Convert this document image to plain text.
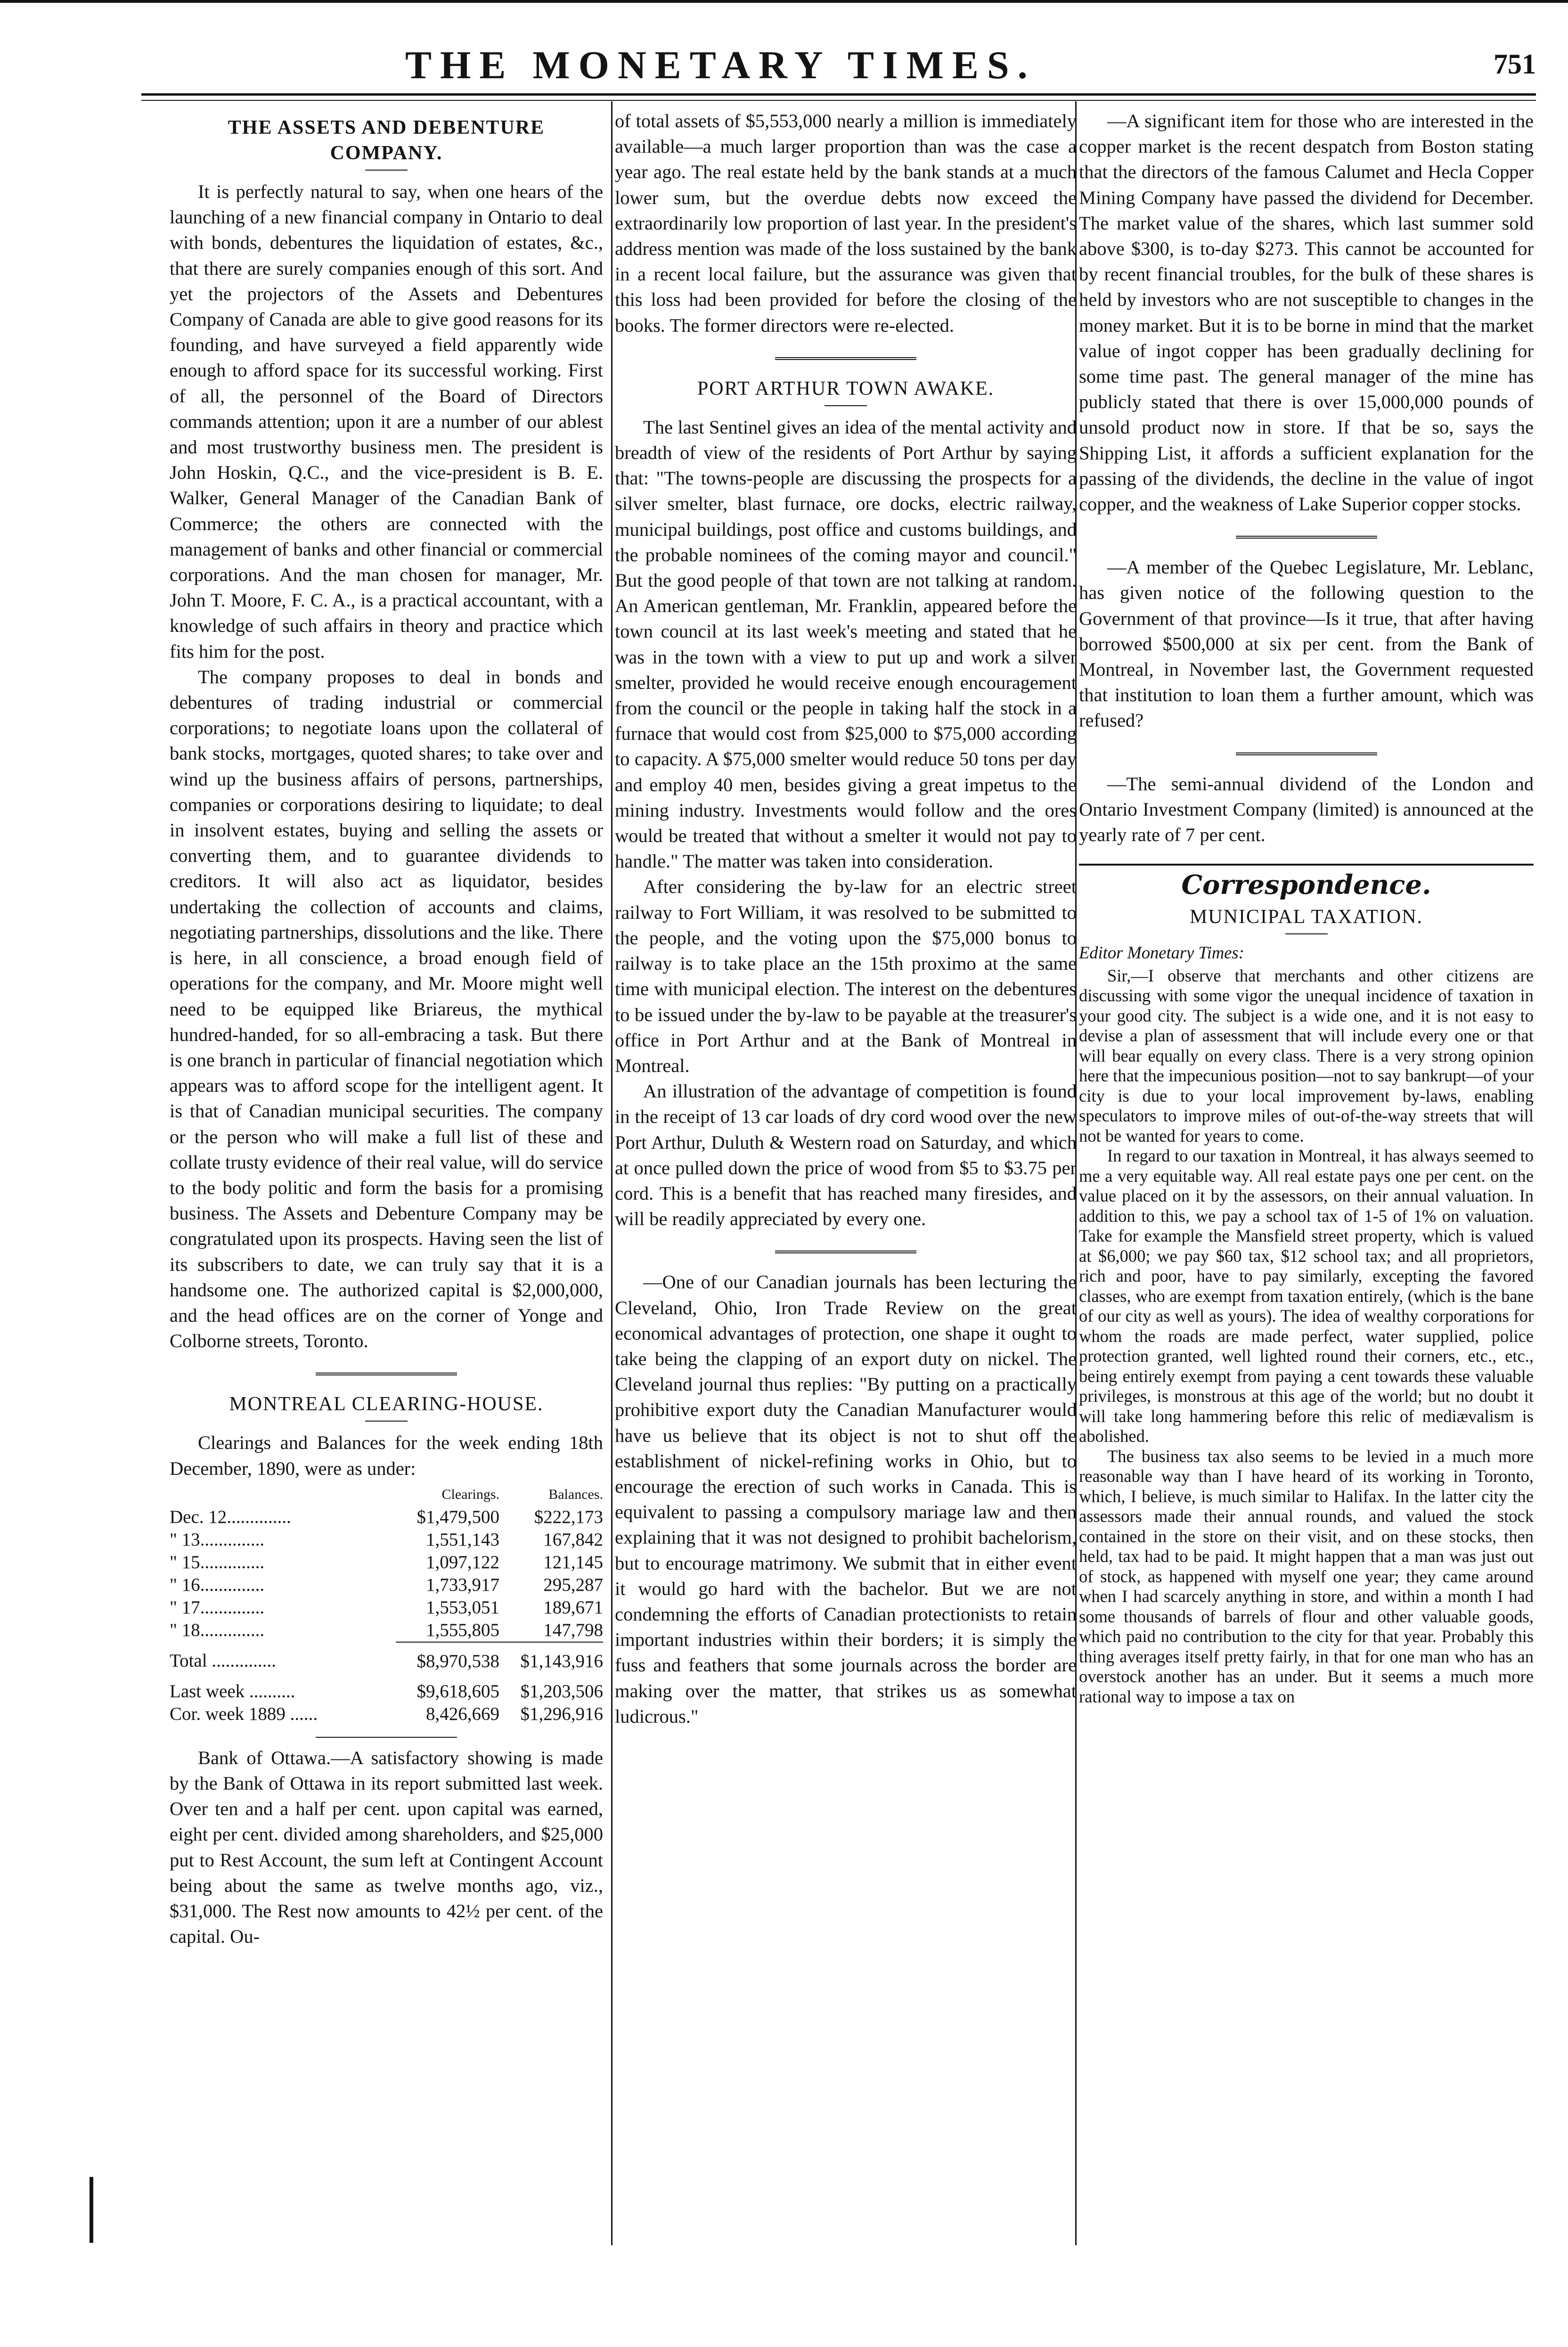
THE MONETARY TIMES.	751
THE ASSETS AND DEBENTURE COMPANY.

It is perfectly natural to say, when one hears of the launching of a new financial company in Ontario to deal with bonds, debentures the liquidation of estates, &c., that there are surely companies enough of this sort. And yet the projectors of the Assets and Debentures Company of Canada are able to give good reasons for its founding, and have surveyed a field apparently wide enough to afford space for its successful working. First of all, the personnel of the Board of Directors commands attention; upon it are a number of our ablest and most trustworthy business men. The president is John Hoskin, Q.C., and the vice-president is B. E. Walker, General Manager of the Canadian Bank of Commerce; the others are connected with the management of banks and other financial or commercial corporations. And the man chosen for manager, Mr. John T. Moore, F. C. A., is a practical accountant, with a knowledge of such affairs in theory and practice which fits him for the post.

The company proposes to deal in bonds and debentures of trading industrial or commercial corporations; to negotiate loans upon the collateral of bank stocks, mortgages, quoted shares; to take over and wind up the business affairs of persons, partnerships, companies or corporations desiring to liquidate; to deal in insolvent estates, buying and selling the assets or converting them, and to guarantee dividends to creditors. It will also act as liquidator, besides undertaking the collection of accounts and claims, negotiating partnerships, dissolutions and the like. There is here, in all conscience, a broad enough field of operations for the company, and Mr. Moore might well need to be equipped like Briareus, the mythical hundred-handed, for so all-embracing a task. But there is one branch in particular of financial negotiation which appears was to afford scope for the intelligent agent. It is that of Canadian municipal securities. The company or the person who will make a full list of these and collate trusty evidence of their real value, will do service to the body politic and form the basis for a promising business. The Assets and Debenture Company may be congratulated upon its prospects. Having seen the list of its subscribers to date, we can truly say that it is a handsome one. The authorized capital is $2,000,000, and the head offices are on the corner of Yonge and Colborne streets, Toronto.

MONTREAL CLEARING-HOUSE.

Clearings and Balances for the week ending 18th December, 1890, were as under:

	Clearings.	Balances.
Dec. 12..............	$1,479,500	$222,173
" 13..............	1,551,143	167,842
" 15..............	1,097,122	121,145
" 16..............	1,733,917	295,287
" 17..............	1,553,051	189,671
" 18..............	1,555,805	147,798
Total ..............	$8,970,538	$1,143,916
Last week ..........	$9,618,605	$1,203,506
Cor. week 1889 ......	8,426,669	$1,296,916

Bank of Ottawa.—A satisfactory showing is made by the Bank of Ottawa in its report submitted last week. Over ten and a half per cent. upon capital was earned, eight per cent. divided among shareholders, and $25,000 put to Rest Account, the sum left at Contingent Account being about the same as twelve months ago, viz., $31,000. The Rest now amounts to 42½ per cent. of the capital. Ou-

of total assets of $5,553,000 nearly a million is immediately available—a much larger proportion than was the case a year ago. The real estate held by the bank stands at a much lower sum, but the overdue debts now exceed the extraordinarily low proportion of last year. In the president's address mention was made of the loss sustained by the bank in a recent local failure, but the assurance was given that this loss had been provided for before the closing of the books. The former directors were re-elected.

PORT ARTHUR TOWN AWAKE.

The last Sentinel gives an idea of the mental activity and breadth of view of the residents of Port Arthur by saying that: "The towns-people are discussing the prospects for a silver smelter, blast furnace, ore docks, electric railway, municipal buildings, post office and customs buildings, and the probable nominees of the coming mayor and council." But the good people of that town are not talking at random. An American gentleman, Mr. Franklin, appeared before the town council at its last week's meeting and stated that he was in the town with a view to put up and work a silver smelter, provided he would receive enough encouragement from the council or the people in taking half the stock in a furnace that would cost from $25,000 to $75,000 according to capacity. A $75,000 smelter would reduce 50 tons per day and employ 40 men, besides giving a great impetus to the mining industry. Investments would follow and the ores would be treated that without a smelter it would not pay to handle." The matter was taken into consideration.

After considering the by-law for an electric street railway to Fort William, it was resolved to be submitted to the people, and the voting upon the $75,000 bonus to railway is to take place an the 15th proximo at the same time with municipal election. The interest on the debentures to be issued under the by-law to be payable at the treasurer's office in Port Arthur and at the Bank of Montreal in Montreal.

An illustration of the advantage of competition is found in the receipt of 13 car loads of dry cord wood over the new Port Arthur, Duluth & Western road on Saturday, and which at once pulled down the price of wood from $5 to $3.75 per cord. This is a benefit that has reached many firesides, and will be readily appreciated by every one.

—One of our Canadian journals has been lecturing the Cleveland, Ohio, Iron Trade Review on the great economical advantages of protection, one shape it ought to take being the clapping of an export duty on nickel. The Cleveland journal thus replies: "By putting on a practically prohibitive export duty the Canadian Manufacturer would have us believe that its object is not to shut off the establishment of nickel-refining works in Ohio, but to encourage the erection of such works in Canada. This is equivalent to passing a compulsory mariage law and then explaining that it was not designed to prohibit bachelorism, but to encourage matrimony. We submit that in either event it would go hard with the bachelor. But we are not condemning the efforts of Canadian protectionists to retain important industries within their borders; it is simply the fuss and feathers that some journals across the border are making over the matter, that strikes us as somewhat ludicrous."

—A significant item for those who are interested in the copper market is the recent despatch from Boston stating that the directors of the famous Calumet and Hecla Copper Mining Company have passed the dividend for December. The market value of the shares, which last summer sold above $300, is to-day $273. This cannot be accounted for by recent financial troubles, for the bulk of these shares is held by investors who are not susceptible to changes in the money market. But it is to be borne in mind that the market value of ingot copper has been gradually declining for some time past. The general manager of the mine has publicly stated that there is over 15,000,000 pounds of unsold product now in store. If that be so, says the Shipping List, it affords a sufficient explanation for the passing of the dividends, the decline in the value of ingot copper, and the weakness of Lake Superior copper stocks.

—A member of the Quebec Legislature, Mr. Leblanc, has given notice of the following question to the Government of that province—Is it true, that after having borrowed $500,000 at six per cent. from the Bank of Montreal, in November last, the Government requested that institution to loan them a further amount, which was refused?

—The semi-annual dividend of the London and Ontario Investment Company (limited) is announced at the yearly rate of 7 per cent.

Correspondence.
MUNICIPAL TAXATION.

Editor Monetary Times:

Sir,—I observe that merchants and other citizens are discussing with some vigor the unequal incidence of taxation in your good city. The subject is a wide one, and it is not easy to devise a plan of assessment that will include every one or that will bear equally on every class. There is a very strong opinion here that the impecunious position—not to say bankrupt—of your city is due to your local improvement by-laws, enabling speculators to improve miles of out-of-the-way streets that will not be wanted for years to come.

In regard to our taxation in Montreal, it has always seemed to me a very equitable way. All real estate pays one per cent. on the value placed on it by the assessors, on their annual valuation. In addition to this, we pay a school tax of 1-5 of 1% on valuation. Take for example the Mansfield street property, which is valued at $6,000; we pay $60 tax, $12 school tax; and all proprietors, rich and poor, have to pay similarly, excepting the favored classes, who are exempt from taxation entirely, (which is the bane of our city as well as yours). The idea of wealthy corporations for whom the roads are made perfect, water supplied, police protection granted, well lighted round their corners, etc., etc., being entirely exempt from paying a cent towards these valuable privileges, is monstrous at this age of the world; but no doubt it will take long hammering before this relic of mediævalism is abolished.

The business tax also seems to be levied in a much more reasonable way than I have heard of its working in Toronto, which, I believe, is much similar to Halifax. In the latter city the assessors made their annual rounds, and valued the stock contained in the store on their visit, and on these stocks, then held, tax had to be paid. It might happen that a man was just out of stock, as happened with myself one year; they came around when I had scarcely anything in store, and within a month I had some thousands of barrels of flour and other valuable goods, which paid no contribution to the city for that year. Probably this thing averages itself pretty fairly, in that for one man who has an overstock another has an under. But it seems a much more rational way to impose a tax on
